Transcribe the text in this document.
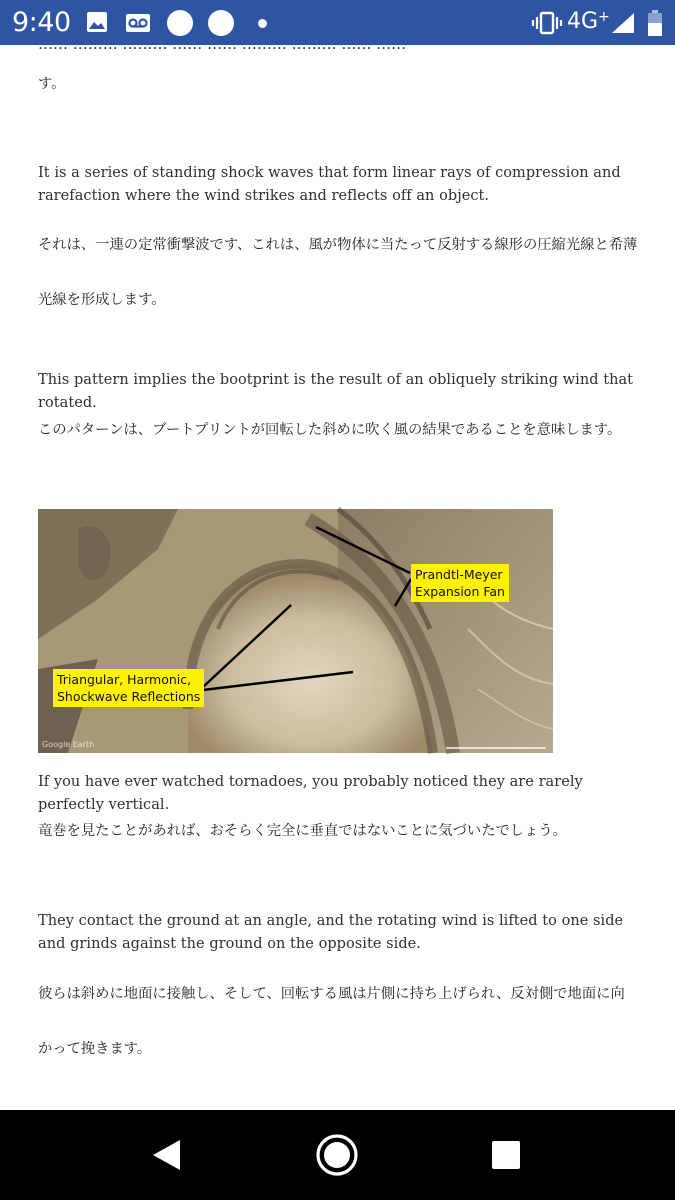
9:40	4G+
…… ……… ……… …… …… ……… ……… …… ……

す。

It is a series of standing shock waves that form linear rays of compression and rarefaction where the wind strikes and reflects off an object.

それは、一連の定常衝撃波です、これは、風が物体に当たって反射する線形の圧縮光線と希薄光線を形成します。

This pattern implies the bootprint is the result of an obliquely striking wind that rotated.

このパターンは、ブートプリントが回転した斜めに吹く風の結果であることを意味します。

Prandtl-Meyer
Expansion Fan
Triangular, Harmonic,
Shockwave Reflections
Google Earth

If you have ever watched tornadoes, you probably noticed they are rarely perfectly vertical.

竜巻を見たことがあれば、おそらく完全に垂直ではないことに気づいたでしょう。

They contact the ground at an angle, and the rotating wind is lifted to one side and grinds against the ground on the opposite side.

彼らは斜めに地面に接触し、そして、回転する風は片側に持ち上げられ、反対側で地面に向かって挽きます。
